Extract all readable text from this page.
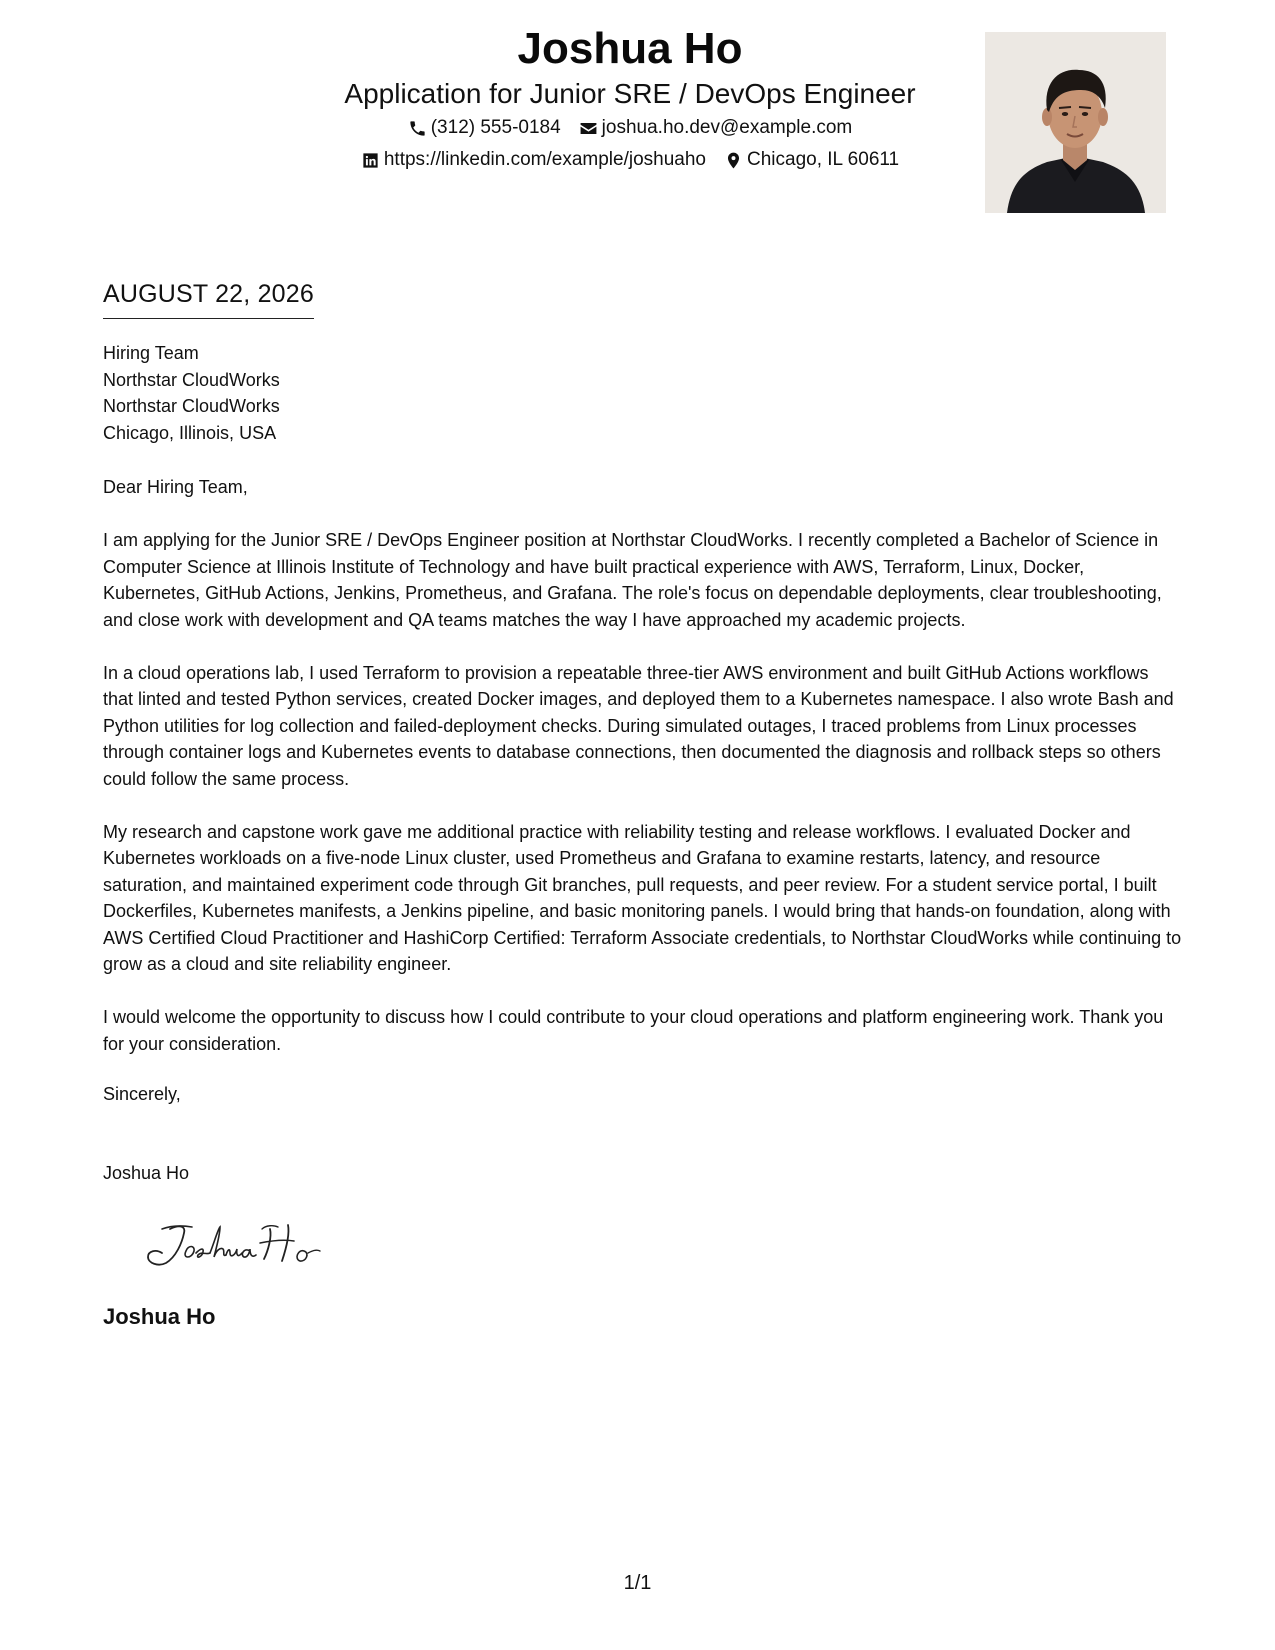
Joshua Ho
Application for Junior SRE / DevOps Engineer
(312) 555-0184 joshua.ho.dev@example.com
https://linkedin.com/example/joshuaho Chicago, IL 60611
AUGUST 22, 2026
Hiring Team
Northstar CloudWorks
Northstar CloudWorks
Chicago, Illinois, USA

Dear Hiring Team,

I am applying for the Junior SRE / DevOps Engineer position at Northstar CloudWorks. I recently completed a Bachelor of Science in Computer Science at Illinois Institute of Technology and have built practical experience with AWS, Terraform, Linux, Docker, Kubernetes, GitHub Actions, Jenkins, Prometheus, and Grafana. The role's focus on dependable deployments, clear troubleshooting, and close work with development and QA teams matches the way I have approached my academic projects.

In a cloud operations lab, I used Terraform to provision a repeatable three-tier AWS environment and built GitHub Actions workflows that linted and tested Python services, created Docker images, and deployed them to a Kubernetes namespace. I also wrote Bash and Python utilities for log collection and failed-deployment checks. During simulated outages, I traced problems from Linux processes through container logs and Kubernetes events to database connections, then documented the diagnosis and rollback steps so others could follow the same process.

My research and capstone work gave me additional practice with reliability testing and release workflows. I evaluated Docker and Kubernetes workloads on a five-node Linux cluster, used Prometheus and Grafana to examine restarts, latency, and resource saturation, and maintained experiment code through Git branches, pull requests, and peer review. For a student service portal, I built Dockerfiles, Kubernetes manifests, a Jenkins pipeline, and basic monitoring panels. I would bring that hands-on foundation, along with AWS Certified Cloud Practitioner and HashiCorp Certified: Terraform Associate credentials, to Northstar CloudWorks while continuing to grow as a cloud and site reliability engineer.

I would welcome the opportunity to discuss how I could contribute to your cloud operations and platform engineering work. Thank you for your consideration.

Sincerely,
Joshua Ho
Joshua Ho
1/1
